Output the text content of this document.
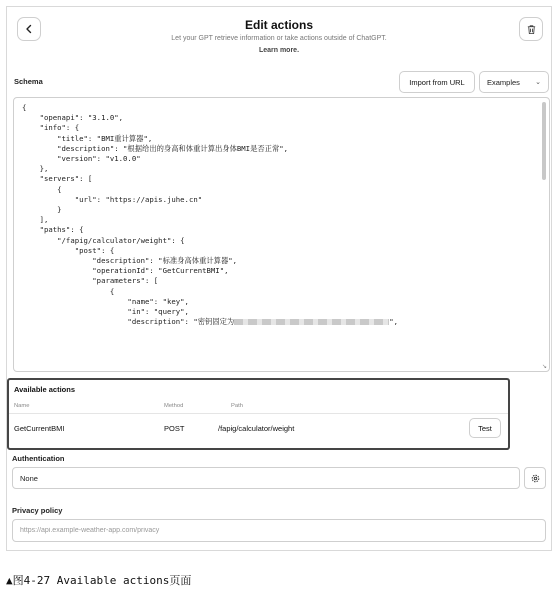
Edit actions
Let your GPT retrieve information or take actions outside of ChatGPT.
Learn more.
Schema	Import from URL	Examples ⌄
{
"openapi": "3.1.0",
"info": {
"title": "BMI重计算器",
"description": "根据给出的身高和体重计算出身体BMI是否正常",
"version": "v1.0.0"
},
"servers": [
{
"url": "https://apis.juhe.cn"
}
],
"paths": {
"/fapig/calculator/weight": {
"post": {
"description": "标准身高体重计算器",
"operationId": "GetCurrentBMI",
"parameters": [
{
"name": "key",
"in": "query",
"description": "密钥固定为	",
↘
Available actions
Name	Method	Path
GetCurrentBMI	POST	/fapig/calculator/weight	Test
Authentication
None
Privacy policy
https://api.example-weather-app.com/privacy
▲图4-27 Available actions页面
